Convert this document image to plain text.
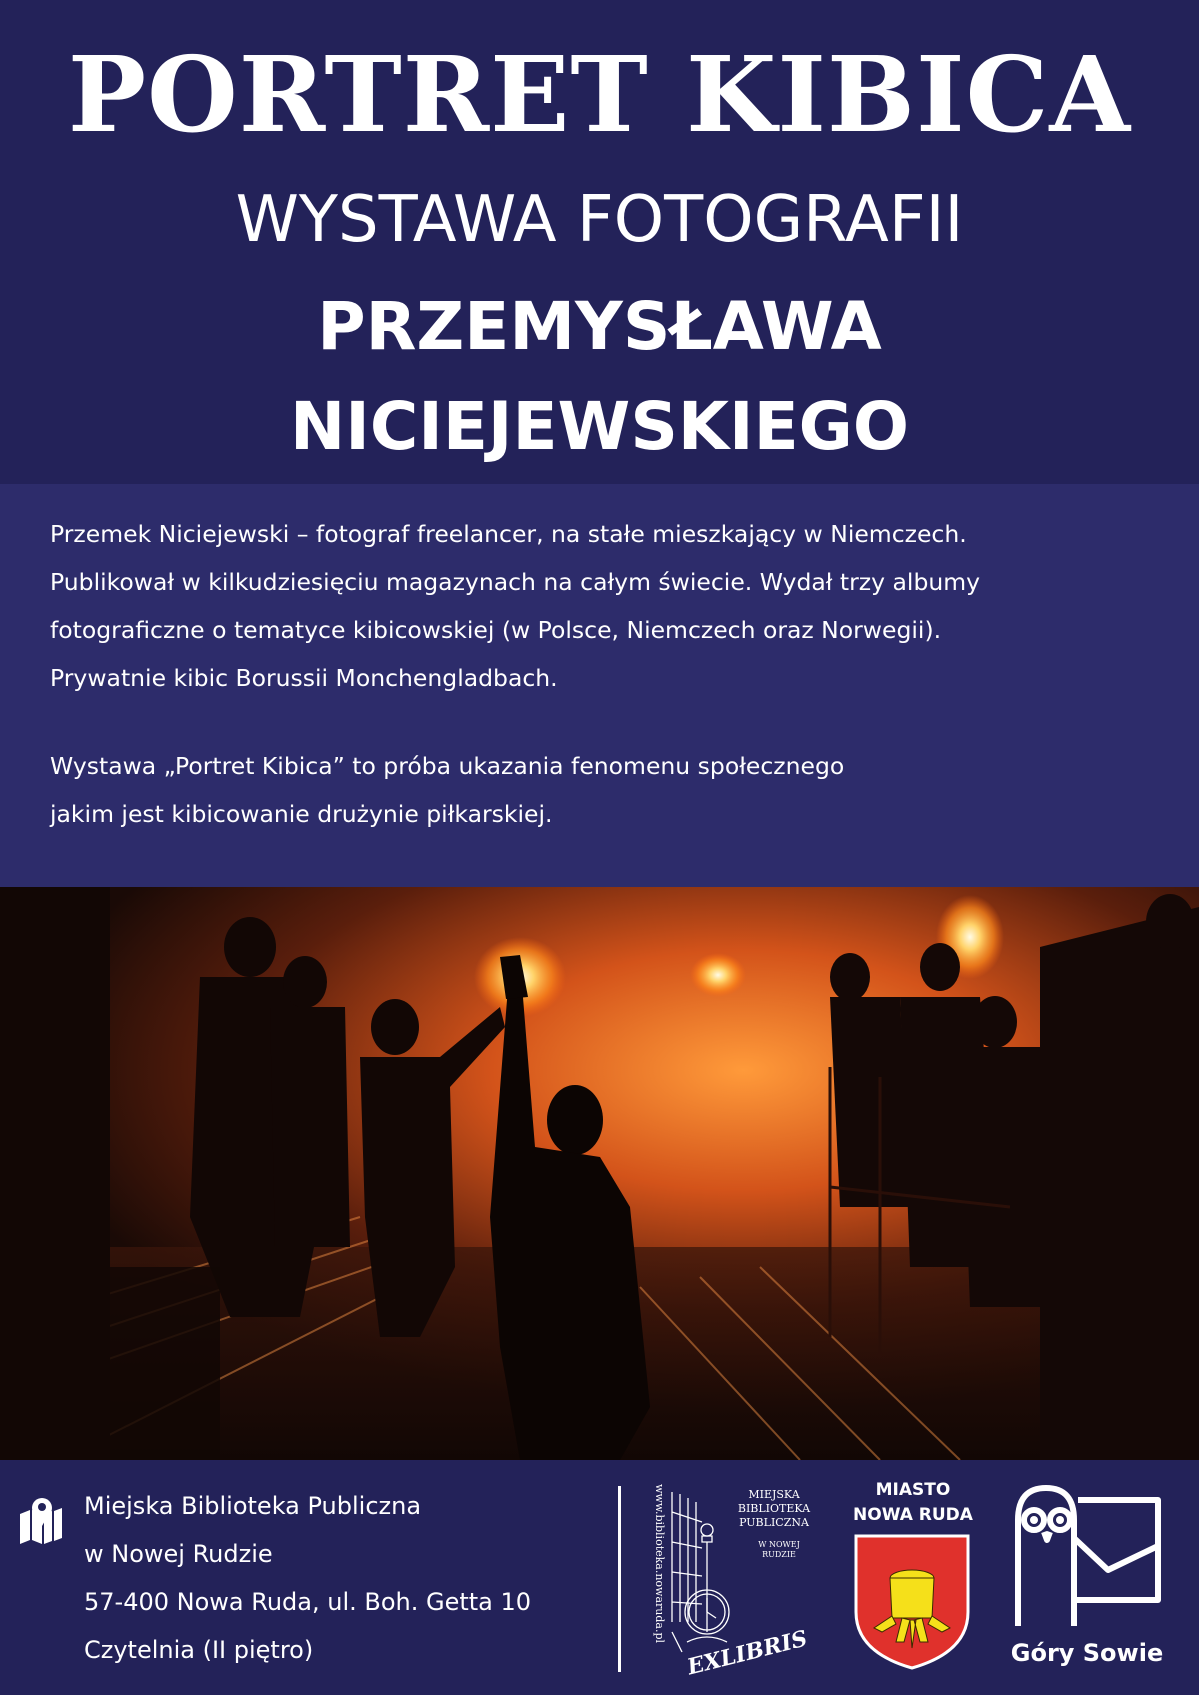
PORTRET KIBICA
WYSTAWA FOTOGRAFII
PRZEMYSŁAWA
NICIEJEWSKIEGO

Przemek Niciejewski – fotograf freelancer, na stałe mieszkający w Niemczech.
Publikował w kilkudziesięciu magazynach na całym świecie. Wydał trzy albumy
fotograficzne o tematyce kibicowskiej (w Polsce, Niemczech oraz Norwegii).
Prywatnie kibic Borussii Monchengladbach.

Wystawa „Portret Kibica” to próba ukazania fenomenu społecznego
jakim jest kibicowanie drużynie piłkarskiej.

Miejska Biblioteka Publiczna
w Nowej Rudzie
57-400 Nowa Ruda, ul. Boh. Getta 10
Czytelnia (II piętro)
www.biblioteka.nowaruda.pl	MIEJSKA
BIBLIOTEKA
PUBLICZNA
W NOWEJ
RUDZIE
EXLIBRIS
MIASTO
NOWA RUDA
Góry Sowie
